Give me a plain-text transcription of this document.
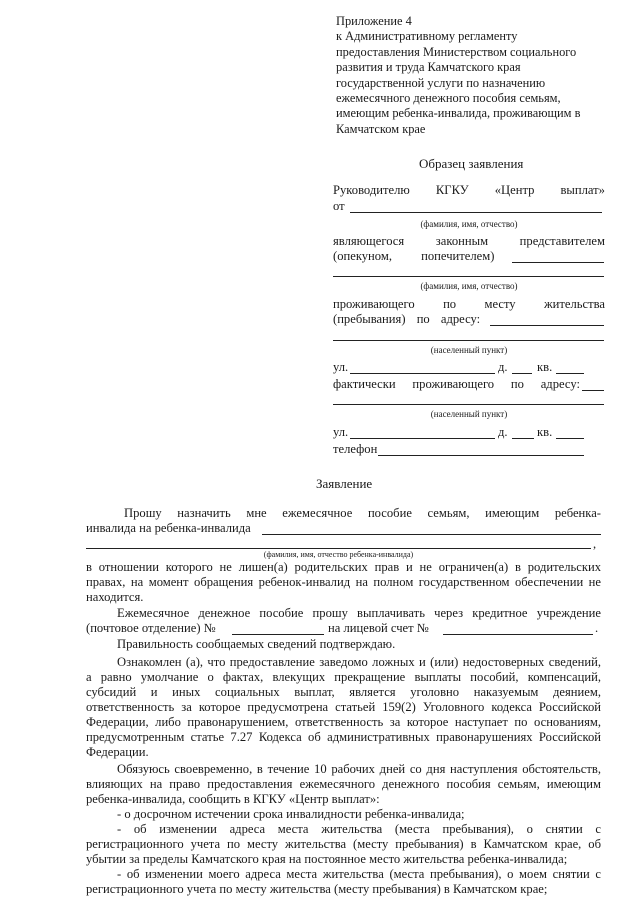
Приложение 4
к Административному регламенту
предоставления Министерством социального
развития и труда Камчатского края
государственной услуги по назначению
ежемесячного денежного пособия семьям,
имеющим ребенка-инвалида, проживающим в
Камчатском крае
Образец заявления
Руководителю КГКУ «Центр выплат»
от
(фамилия, имя, отчество)
являющегося	законным	представителем
(опекуном, попечителем)
(фамилия, имя, отчество)
проживающего по месту жительства
(пребывания) по адресу:
(населенный пункт)
ул.	д. кв.
фактически проживающего по адресу:
(населенный пункт)
ул.	д. кв.
телефон
Заявление
Прошу назначить мне ежемесячное пособие семьям, имеющим ребенка-
инвалида на ребенка-инвалида
,
(фамилия, имя, отчество ребенка-инвалида)
в отношении которого не лишен(а) родительских прав и не ограничен(а) в родительских
правах, на момент обращения ребенок-инвалид на полном государственном обеспечении не
находится.
Ежемесячное денежное пособие прошу выплачивать через кредитное учреждение
(почтовое отделение) №	на лицевой счет №	.
Правильность сообщаемых сведений подтверждаю.
Ознакомлен (а), что предоставление заведомо ложных и (или) недостоверных сведений,
а равно умолчание о фактах, влекущих прекращение выплаты пособий, компенсаций,
субсидий и иных социальных выплат, является уголовно наказуемым деянием,
ответственность за которое предусмотрена статьей 159(2) Уголовного кодекса Российской
Федерации, либо правонарушением, ответственность за которое наступает по основаниям,
предусмотренным статье 7.27 Кодекса об административных правонарушениях Российской
Федерации.
Обязуюсь своевременно, в течение 10 рабочих дней со дня наступления обстоятельств,
влияющих на право предоставления ежемесячного денежного пособия семьям, имеющим
ребенка-инвалида, сообщить в КГКУ «Центр выплат»:
- о досрочном истечении срока инвалидности ребенка-инвалида;
- об изменении адреса места жительства (места пребывания), о снятии с
регистрационного учета по месту жительства (месту пребывания) в Камчатском крае, об
убытии за пределы Камчатского края на постоянное место жительства ребенка-инвалида;
- об изменении моего адреса места жительства (места пребывания), о моем снятии с
регистрационного учета по месту жительства (месту пребывания) в Камчатском крае;
